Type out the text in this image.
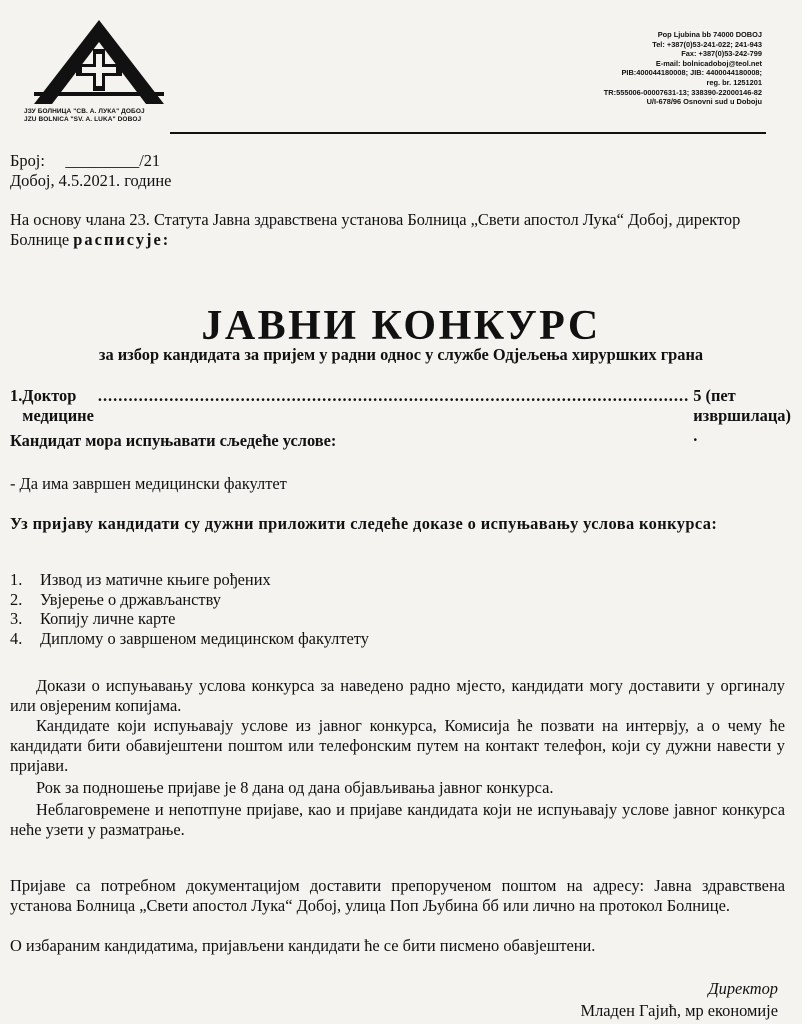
ЈЗУ БОЛНИЦА "СВ. А. ЛУКА" ДОБОЈ
JZU BOLNICA "SV. A. LUKA" DOBOJ
Pop Ljubina bb 74000 DOBOJ
Tel: +387(0)53-241-022; 241-943
Fax: +387(0)53-242-799
E-mail: bolnicadoboj@teol.net
PIB:400044180008; JIB: 4400044180008;
reg. br. 1251201
TR:555006-00007631-13; 338390-22000146-82
U/I-678/96 Osnovni sud u Doboju
Број: _________/21
Добој, 4.5.2021. године
На основу члана 23. Статута Јавна здравствена установа Болница „Свети апостол Лука“ Добој, директор Болнице расписује:
ЈАВНИ КОНКУРС
за избор кандидата за пријем у радни однос у службе Одјељења хируршких грана
1. Доктор медицине
.................................................................................................................... 5 (пет извршилаца) .
Кандидат мора испуњавати сљедеће услове:
- Да има завршен медицински факултет
Уз пријаву кандидати су дужни приложити следеће доказе о испуњавању услова конкурса:
1.	Извод из матичне књиге рођених
2.	Увјерење о држављанству
3.	Копију личне карте
4.	Диплому о завршеном медицинском факултету
Докази о испуњавању услова конкурса за наведено радно мјесто, кандидати могу доставити у оргиналу или овјереним копијама.
Кандидате који испуњавају услове из јавног конкурса, Комисија ће позвати на интервју, а о чему ће кандидати бити обавијештени поштом или телефонским путем на контакт телефон, који су дужни навести у пријави.
Рок за подношење пријаве је 8 дана од дана објављивања јавног конкурса.
Неблаговремене и непотпуне пријаве, као и пријаве кандидата који не испуњавају услове јавног конкурса неће узети у разматрање.
Пријаве са потребном документацијом доставити препорученом поштом на адресу: Јавна здравствена установа Болница „Свети апостол Лука“ Добој, улица Поп Љубина бб или лично на протокол Болнице.
О избараним кандидатима, пријављени кандидати ће се бити писмено обавјештени.
Директор
Младен Гајић, мр економије
